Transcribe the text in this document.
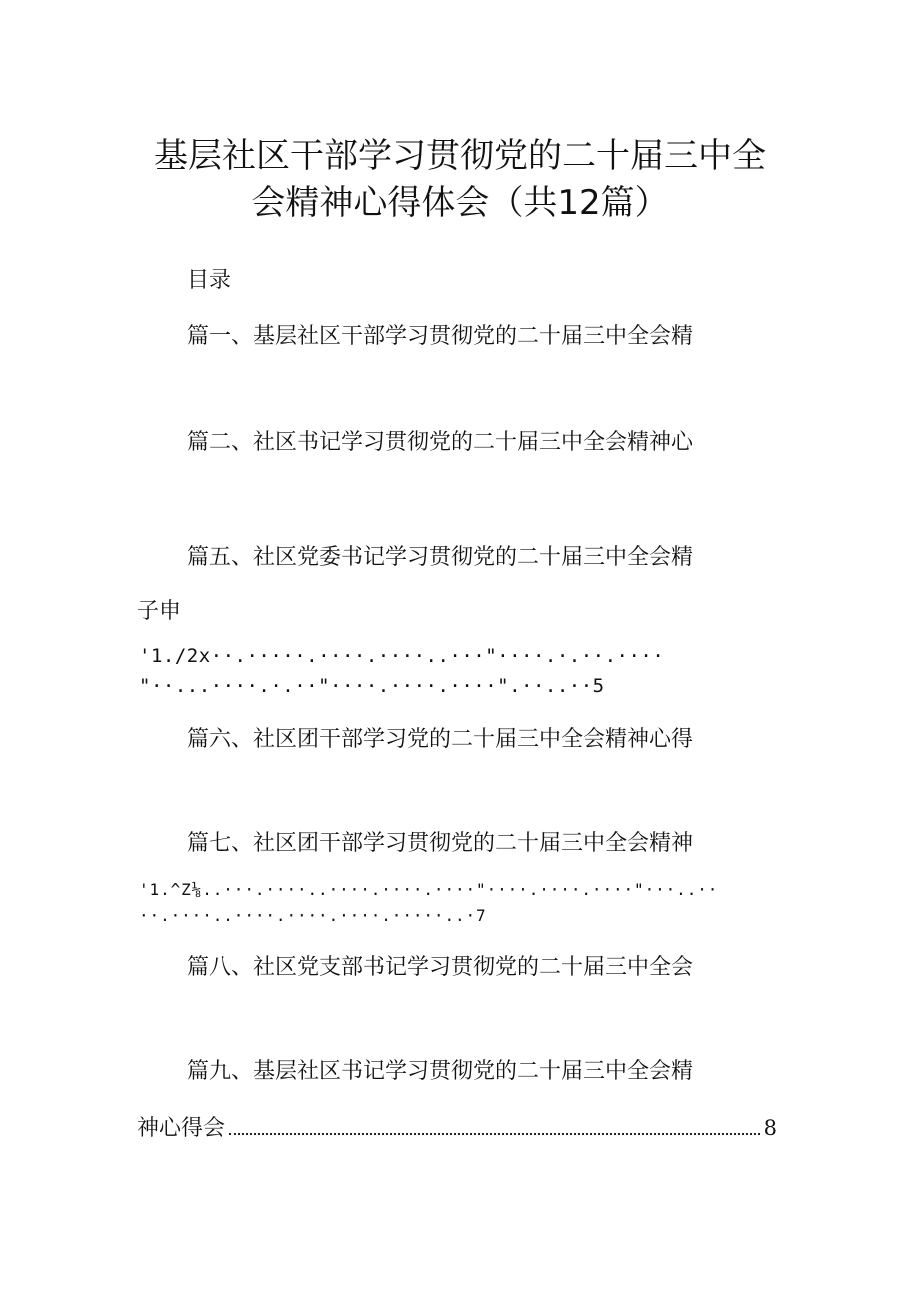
基层社区干部学习贯彻党的二十届三中全
会精神心得体会（共12篇）
目录
篇一、基层社区干部学习贯彻党的二十届三中全会精
篇二、社区书记学习贯彻党的二十届三中全会精神心
篇五、社区党委书记学习贯彻党的二十届三中全会精
子申
'1./2x··.·····.····.····..···"····.·.··.····
"··...····.·.··"····.····.····".··..··5
篇六、社区团干部学习党的二十届三中全会精神心得
篇七、社区团干部学习贯彻党的二十届三中全会精神
'1.^Z⅛..···.····..····.····.····"····.····.····"···..··
··.····..····.····.····.·····..·7
篇八、社区党支部书记学习贯彻党的二十届三中全会
篇九、基层社区书记学习贯彻党的二十届三中全会精
神心得会	8
